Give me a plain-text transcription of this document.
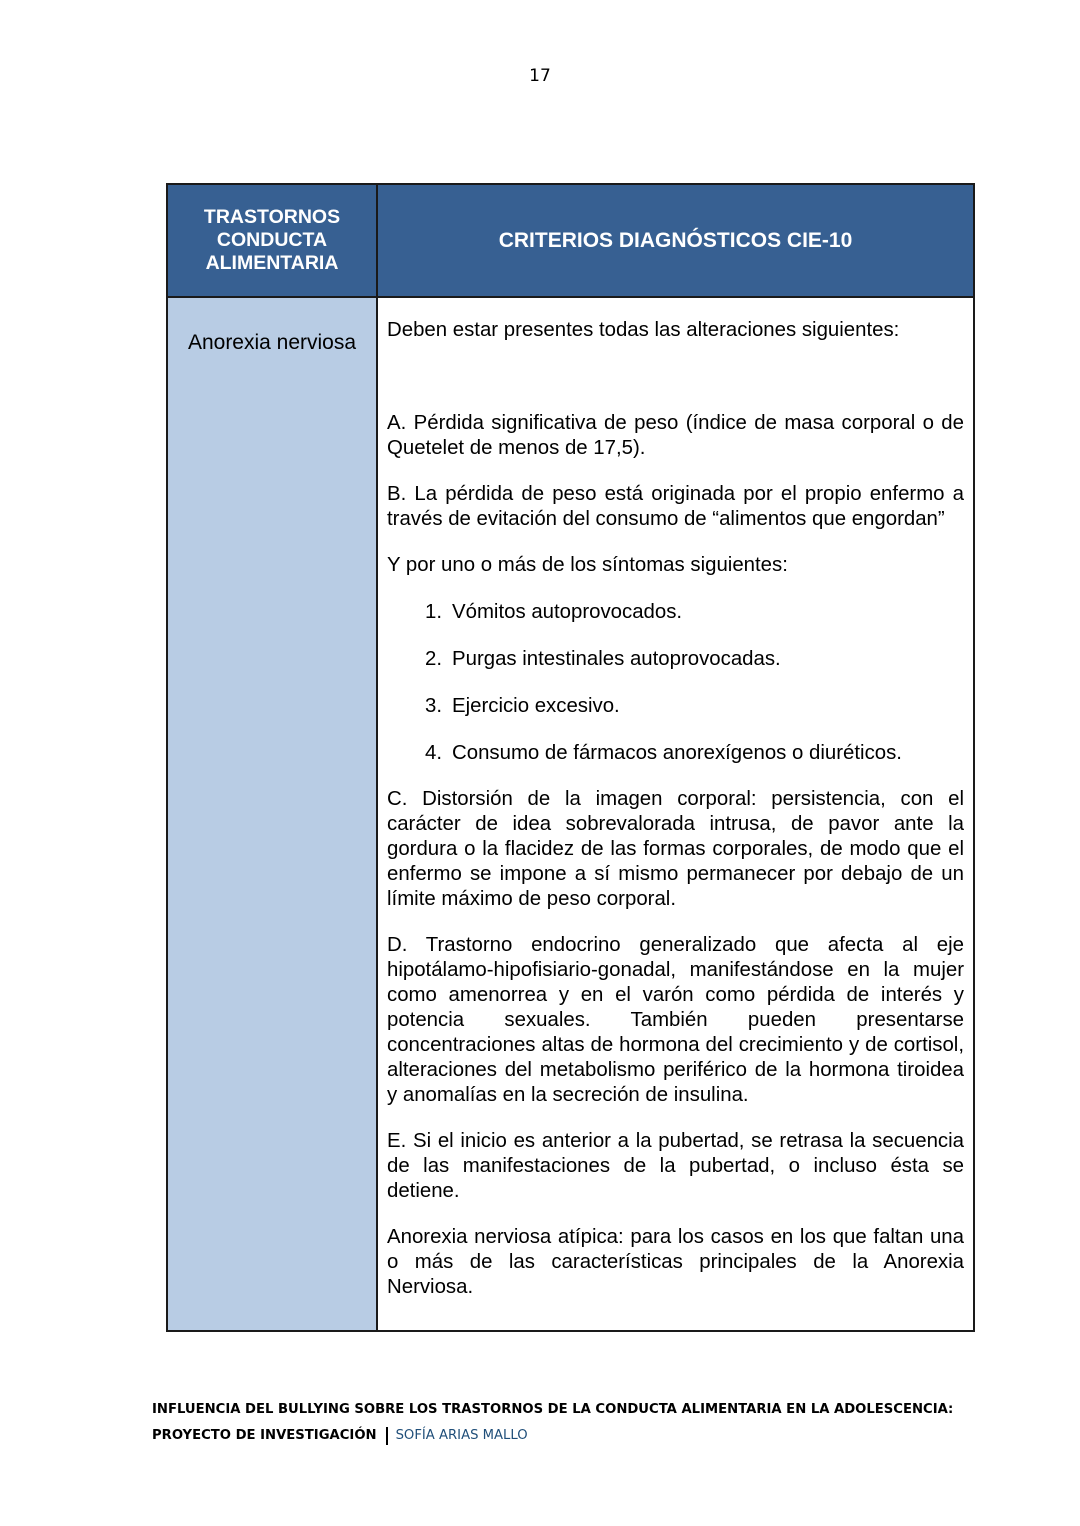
17
TRASTORNOS CONDUCTA ALIMENTARIA
CRITERIOS DIAGNÓSTICOS CIE-10
Anorexia nerviosa

Deben estar presentes todas las alteraciones siguientes:

A. Pérdida significativa de peso (índice de masa corporal o de Quetelet de menos de 17,5).

B. La pérdida de peso está originada por el propio enfermo a través de evitación del consumo de “alimentos que engordan”

Y por uno o más de los síntomas siguientes:

1. Vómitos autoprovocados.
2. Purgas intestinales autoprovocadas.
3. Ejercicio excesivo.
4. Consumo de fármacos anorexígenos o diuréticos.

C. Distorsión de la imagen corporal: persistencia, con el carácter de idea sobrevalorada intrusa, de pavor ante la gordura o la flacidez de las formas corporales, de modo que el enfermo se impone a sí mismo permanecer por debajo de un límite máximo de peso corporal.

D. Trastorno endocrino generalizado que afecta al eje hipotálamo-hipofisiario-gonadal, manifestándose en la mujer como amenorrea y en el varón como pérdida de interés y potencia sexuales. También pueden presentarse concentraciones altas de hormona del crecimiento y de cortisol, alteraciones del metabolismo periférico de la hormona tiroidea y anomalías en la secreción de insulina.

E. Si el inicio es anterior a la pubertad, se retrasa la secuencia de las manifestaciones de la pubertad, o incluso ésta se detiene.

Anorexia nerviosa atípica: para los casos en los que faltan una o más de las características principales de la Anorexia Nerviosa.

INFLUENCIA DEL BULLYING SOBRE LOS TRASTORNOS DE LA CONDUCTA ALIMENTARIA EN LA ADOLESCENCIA:
PROYECTO DE INVESTIGACIÓN SOFÍA ARIAS MALLO
